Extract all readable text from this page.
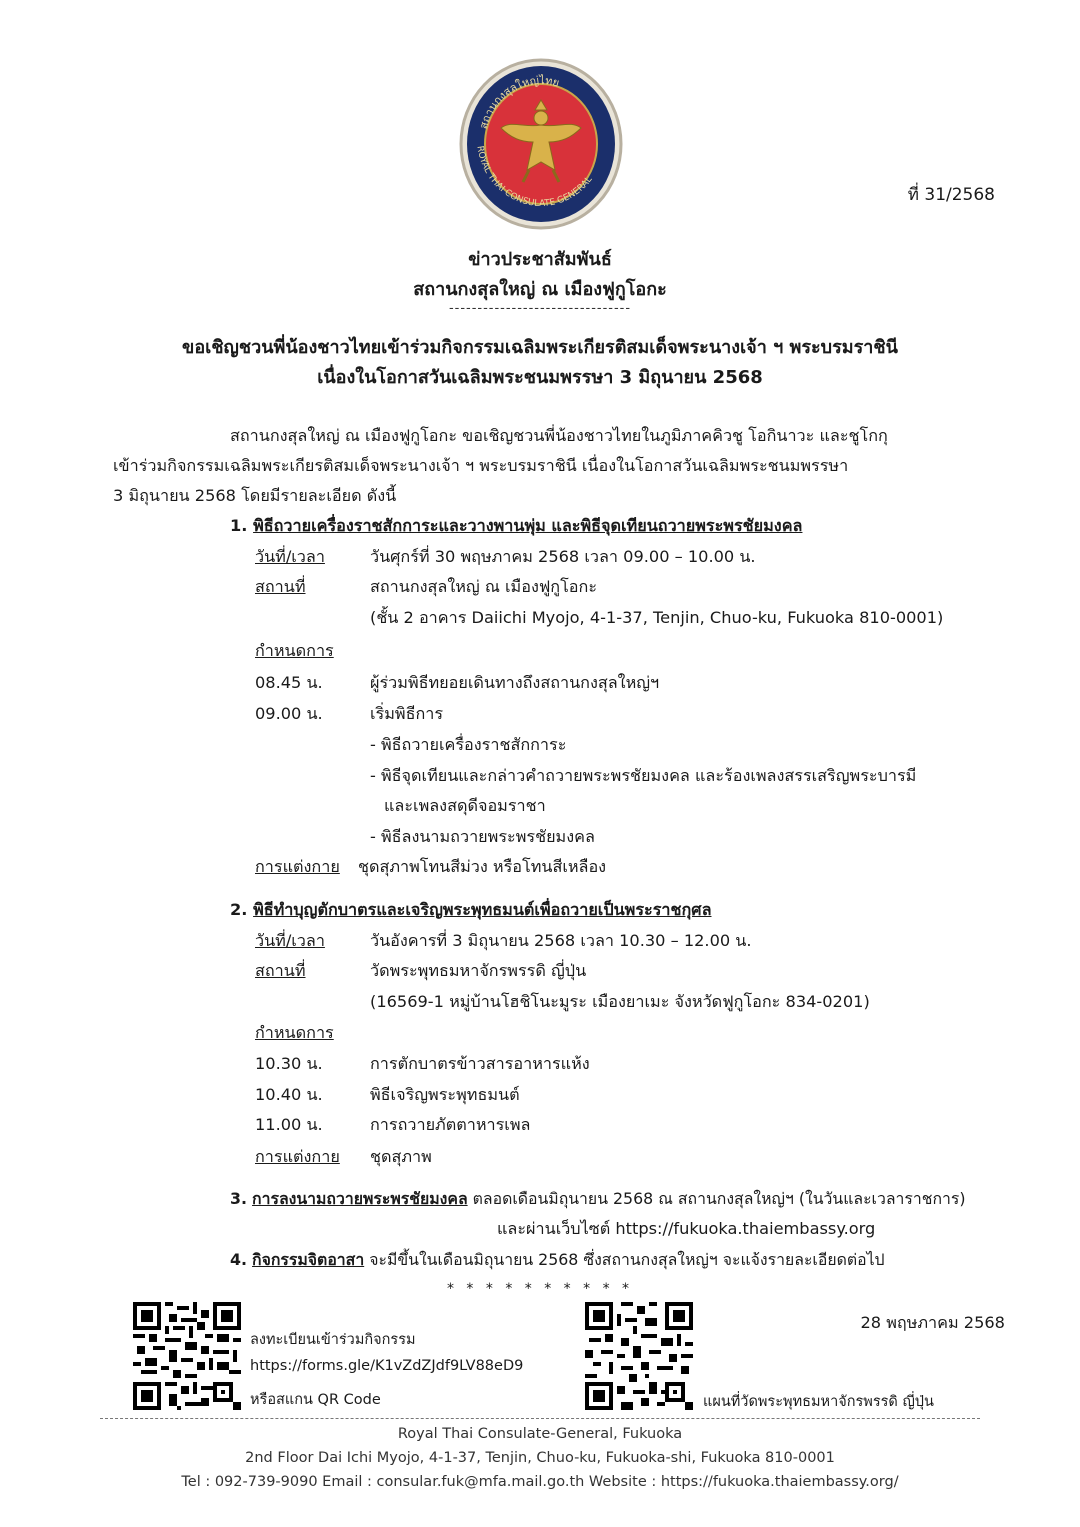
สถานกงสุลใหญ่ไทย
ROYAL THAI CONSULATE GENERAL
ที่ 31/2568
ข่าวประชาสัมพันธ์
สถานกงสุลใหญ่ ณ เมืองฟูกูโอกะ
--------------------------------
ขอเชิญชวนพี่น้องชาวไทยเข้าร่วมกิจกรรมเฉลิมพระเกียรติสมเด็จพระนางเจ้า ฯ พระบรมราชินี
เนื่องในโอกาสวันเฉลิมพระชนมพรรษา 3 มิถุนายน 2568
สถานกงสุลใหญ่ ณ เมืองฟูกูโอกะ ขอเชิญชวนพี่น้องชาวไทยในภูมิภาคคิวชู โอกินาวะ และชูโกกุ
เข้าร่วมกิจกรรมเฉลิมพระเกียรติสมเด็จพระนางเจ้า ฯ พระบรมราชินี เนื่องในโอกาสวันเฉลิมพระชนมพรรษา
3 มิถุนายน 2568 โดยมีรายละเอียด ดังนี้
1. พิธีถวายเครื่องราชสักการะและวางพานพุ่ม และพิธีจุดเทียนถวายพระพรชัยมงคล
วันที่/เวลา	วันศุกร์ที่ 30 พฤษภาคม 2568 เวลา 09.00 – 10.00 น.
สถานที่	สถานกงสุลใหญ่ ณ เมืองฟูกูโอกะ
(ชั้น 2 อาคาร Daiichi Myojo, 4-1-37, Tenjin, Chuo-ku, Fukuoka 810-0001)
กำหนดการ
08.45 น.	ผู้ร่วมพิธีทยอยเดินทางถึงสถานกงสุลใหญ่ฯ
09.00 น.	เริ่มพิธีการ
- พิธีถวายเครื่องราชสักการะ
- พิธีจุดเทียนและกล่าวคำถวายพระพรชัยมงคล และร้องเพลงสรรเสริญพระบารมี
และเพลงสดุดีจอมราชา
- พิธีลงนามถวายพระพรชัยมงคล
การแต่งกาย ชุดสุภาพโทนสีม่วง หรือโทนสีเหลือง
2. พิธีทำบุญตักบาตรและเจริญพระพุทธมนต์เพื่อถวายเป็นพระราชกุศล
วันที่/เวลา	วันอังคารที่ 3 มิถุนายน 2568 เวลา 10.30 – 12.00 น.
สถานที่	วัดพระพุทธมหาจักรพรรดิ ญี่ปุ่น
(16569-1 หมู่บ้านโฮชิโนะมูระ เมืองยาเมะ จังหวัดฟูกูโอกะ 834-0201)
กำหนดการ
10.30 น.	การตักบาตรข้าวสารอาหารแห้ง
10.40 น.	พิธีเจริญพระพุทธมนต์
11.00 น.	การถวายภัตตาหารเพล
การแต่งกาย ชุดสุภาพ
3. การลงนามถวายพระพรชัยมงคล ตลอดเดือนมิถุนายน 2568 ณ สถานกงสุลใหญ่ฯ (ในวันและเวลาราชการ)
และผ่านเว็บไซต์ https://fukuoka.thaiembassy.org
4. กิจกรรมจิตอาสา จะมีขึ้นในเดือนมิถุนายน 2568 ซึ่งสถานกงสุลใหญ่ฯ จะแจ้งรายละเอียดต่อไป
* * * * * * * * * *
ลงทะเบียนเข้าร่วมกิจกรรม
https://forms.gle/K1vZdZJdf9LV88eD9
หรือสแกน QR Code	แผนที่วัดพระพุทธมหาจักรพรรดิ ญี่ปุ่น
28 พฤษภาคม 2568
Royal Thai Consulate-General, Fukuoka
2nd Floor Dai Ichi Myojo, 4-1-37, Tenjin, Chuo-ku, Fukuoka-shi, Fukuoka 810-0001
Tel : 092-739-9090 Email : consular.fuk@mfa.mail.go.th Website : https://fukuoka.thaiembassy.org/
